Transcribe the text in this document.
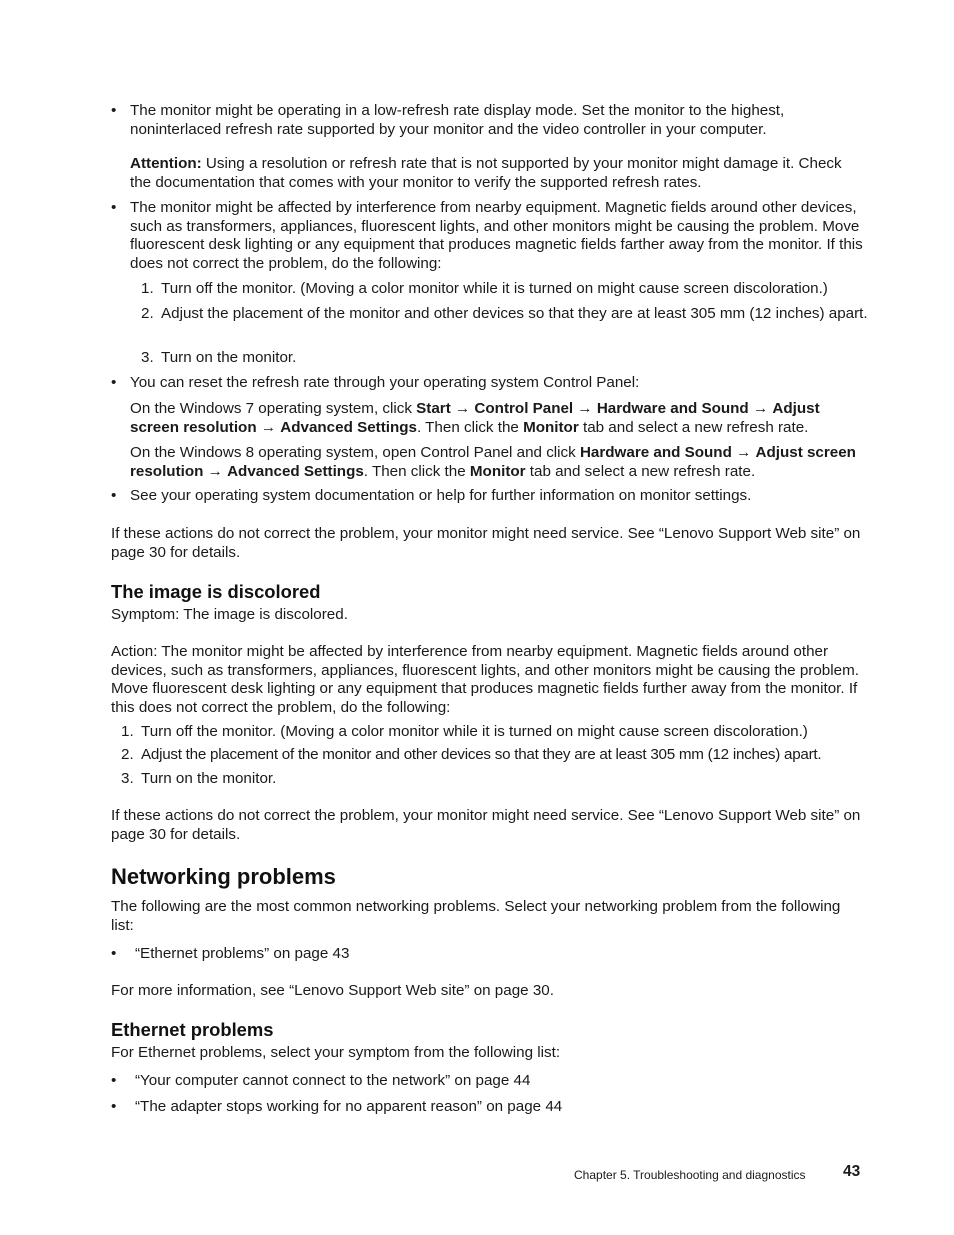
• The monitor might be operating in a low-refresh rate display mode. Set the monitor to the highest, noninterlaced refresh rate supported by your monitor and the video controller in your computer.

Attention: Using a resolution or refresh rate that is not supported by your monitor might damage it. Check the documentation that comes with your monitor to verify the supported refresh rates.

• The monitor might be affected by interference from nearby equipment. Magnetic fields around other devices, such as transformers, appliances, fluorescent lights, and other monitors might be causing the problem. Move fluorescent desk lighting or any equipment that produces magnetic fields farther away from the monitor. If this does not correct the problem, do the following:

1. Turn off the monitor. (Moving a color monitor while it is turned on might cause screen discoloration.)

2. Adjust the placement of the monitor and other devices so that they are at least 305 mm (12 inches) apart.

3. Turn on the monitor.

• You can reset the refresh rate through your operating system Control Panel:

On the Windows 7 operating system, click Start → Control Panel → Hardware and Sound → Adjust screen resolution → Advanced Settings. Then click the Monitor tab and select a new refresh rate.

On the Windows 8 operating system, open Control Panel and click Hardware and Sound → Adjust screen resolution → Advanced Settings. Then click the Monitor tab and select a new refresh rate.

• See your operating system documentation or help for further information on monitor settings.

If these actions do not correct the problem, your monitor might need service. See “Lenovo Support Web site” on page 30 for details.

The image is discolored

Symptom: The image is discolored.

Action: The monitor might be affected by interference from nearby equipment. Magnetic fields around other devices, such as transformers, appliances, fluorescent lights, and other monitors might be causing the problem. Move fluorescent desk lighting or any equipment that produces magnetic fields further away from the monitor. If this does not correct the problem, do the following:

1. Turn off the monitor. (Moving a color monitor while it is turned on might cause screen discoloration.)

2. Adjust the placement of the monitor and other devices so that they are at least 305 mm (12 inches) apart.

3. Turn on the monitor.

If these actions do not correct the problem, your monitor might need service. See “Lenovo Support Web site” on page 30 for details.

Networking problems

The following are the most common networking problems. Select your networking problem from the following list:

• “Ethernet problems” on page 43

For more information, see “Lenovo Support Web site” on page 30.

Ethernet problems

For Ethernet problems, select your symptom from the following list:

• “Your computer cannot connect to the network” on page 44

• “The adapter stops working for no apparent reason” on page 44

Chapter 5. Troubleshooting and diagnostics 43
